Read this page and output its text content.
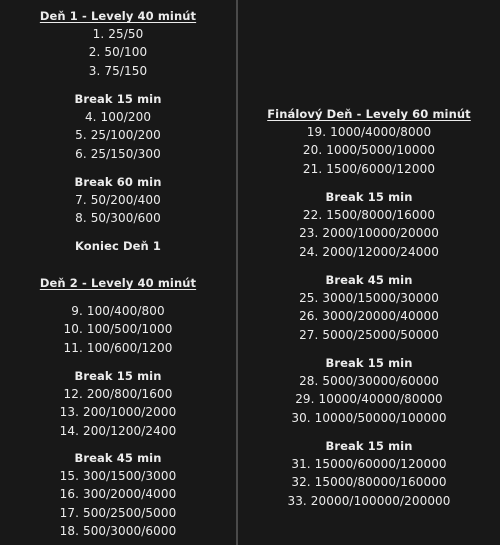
Deň 1 - Levely 40 minút
1. 25/50
2. 50/100
3. 75/150
Break 15 min
4. 100/200
5. 25/100/200
6. 25/150/300
Break 60 min
7. 50/200/400
8. 50/300/600
Koniec Deň 1
Deň 2 - Levely 40 minút
9. 100/400/800
10. 100/500/1000
11. 100/600/1200
Break 15 min
12. 200/800/1600
13. 200/1000/2000
14. 200/1200/2400
Break 45 min
15. 300/1500/3000
16. 300/2000/4000
17. 500/2500/5000
18. 500/3000/6000
Finálový Deň - Levely 60 minút
19. 1000/4000/8000
20. 1000/5000/10000
21. 1500/6000/12000
Break 15 min
22. 1500/8000/16000
23. 2000/10000/20000
24. 2000/12000/24000
Break 45 min
25. 3000/15000/30000
26. 3000/20000/40000
27. 5000/25000/50000
Break 15 min
28. 5000/30000/60000
29. 10000/40000/80000
30. 10000/50000/100000
Break 15 min
31. 15000/60000/120000
32. 15000/80000/160000
33. 20000/100000/200000
